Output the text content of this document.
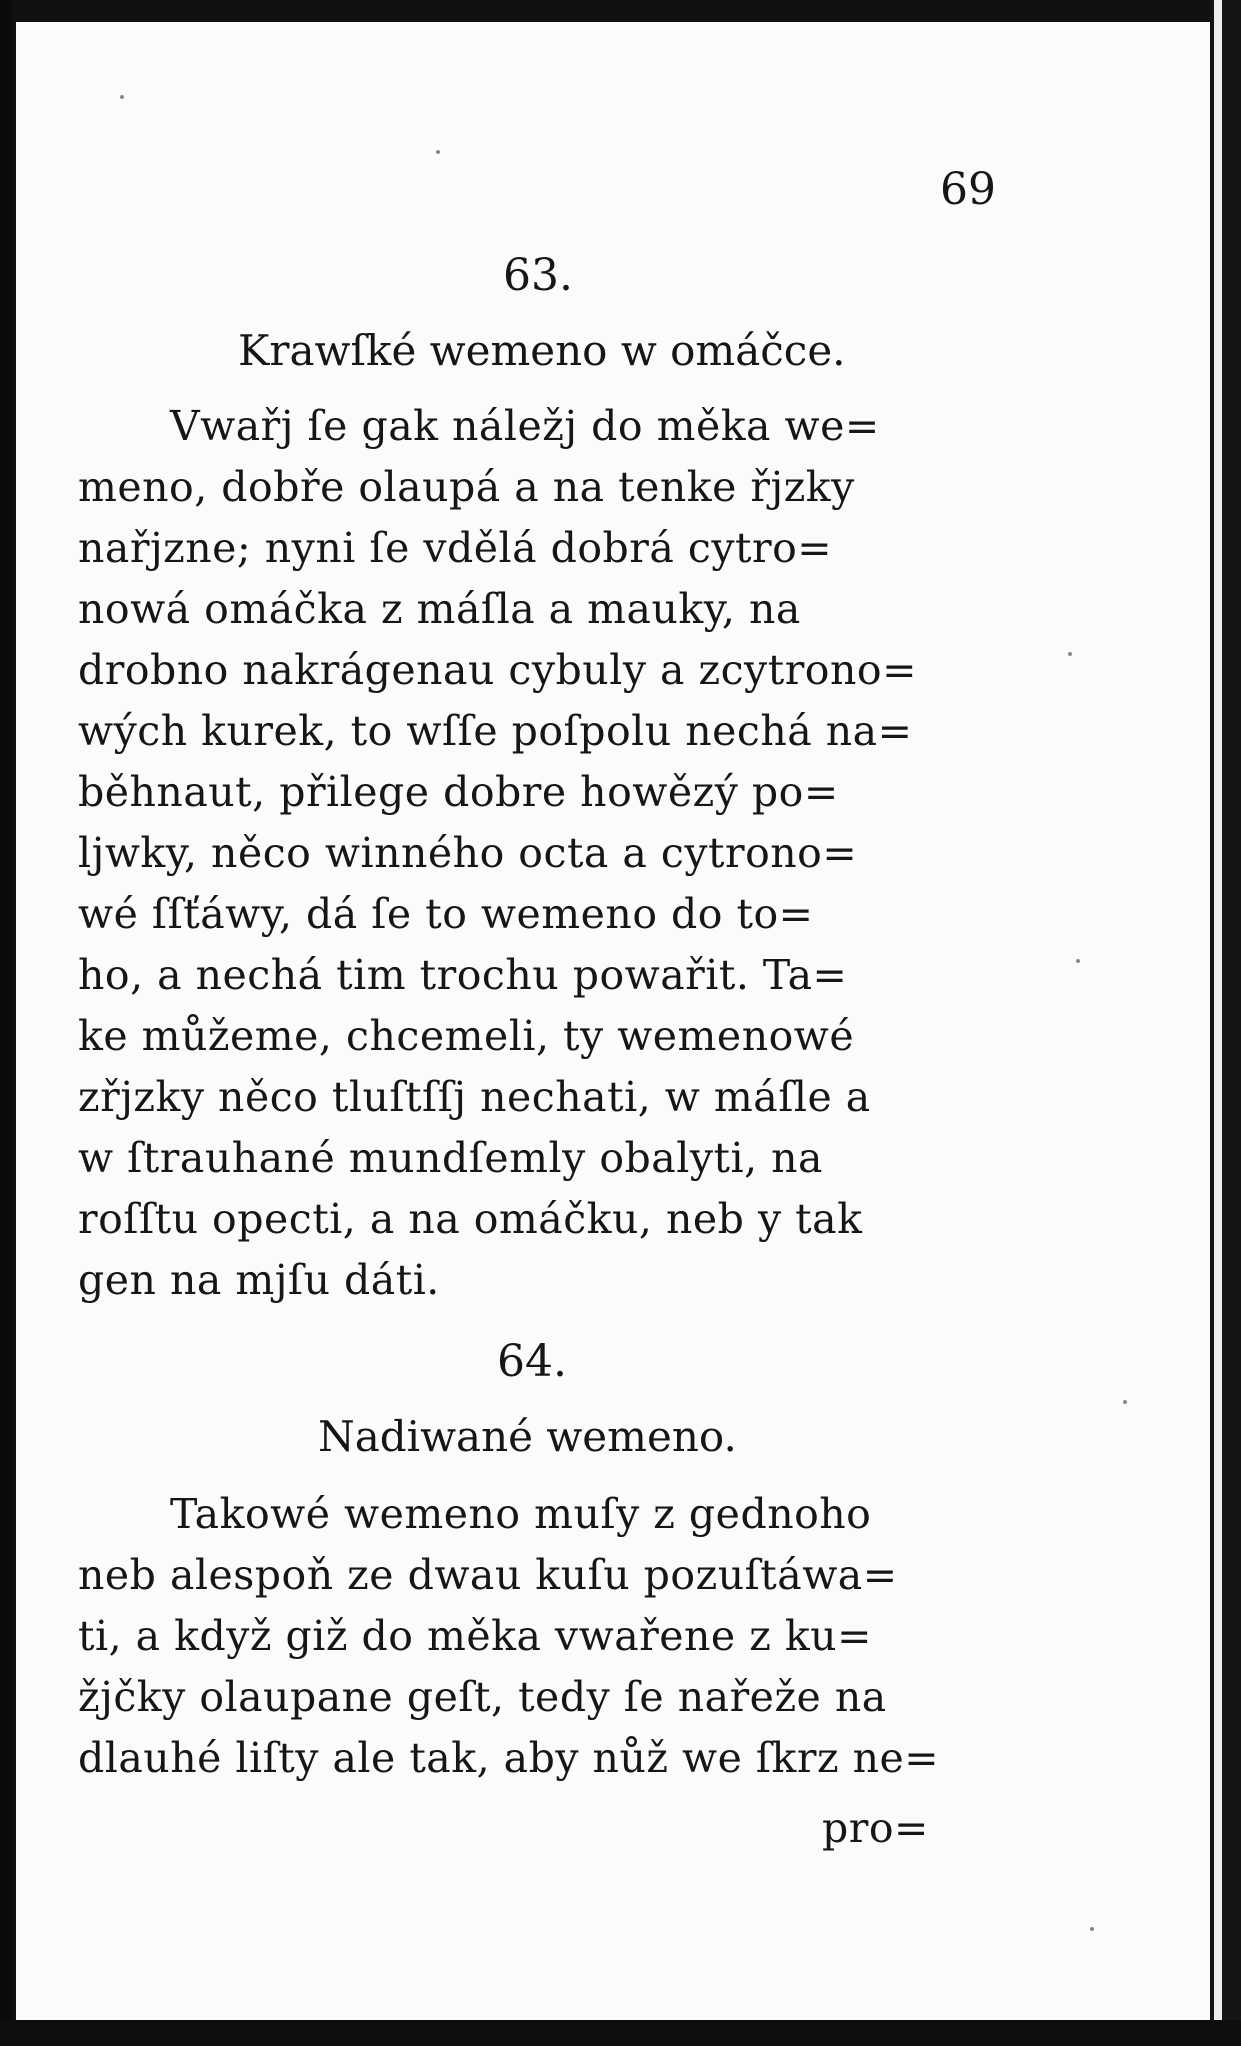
69
63.
Krawſké wemeno w omáčce.
Vwařj ſe gak náležj do měka we=
meno, dobře olaupá a na tenke řjzky
nařjzne; nyni ſe vdělá dobrá cytro=
nowá omáčka z máſla a mauky, na
drobno nakrágenau cybuly a zcytrono=
wých kurek, to wſſe poſpolu nechá na=
běhnaut, přilege dobre howězý po=
ljwky, něco winného octa a cytrono=
wé ſſťáwy, dá ſe to wemeno do to=
ho, a nechá tim trochu powařit. Ta=
ke můžeme, chcemeli, ty wemenowé
zřjzky něco tluſtſſj nechati, w máſle a
w ſtrauhané mundſemly obalyti, na
roſſtu opecti, a na omáčku, neb y tak
gen na mjſu dáti.
64.
Nadiwané wemeno.
Takowé wemeno muſy z gednoho
neb alespoň ze dwau kuſu pozuſtáwa=
ti, a když giž do měka vwařene z ku=
žjčky olaupane geſt, tedy ſe nařeže na
dlauhé liſty ale tak, aby nůž we ſkrz ne=
pro=
